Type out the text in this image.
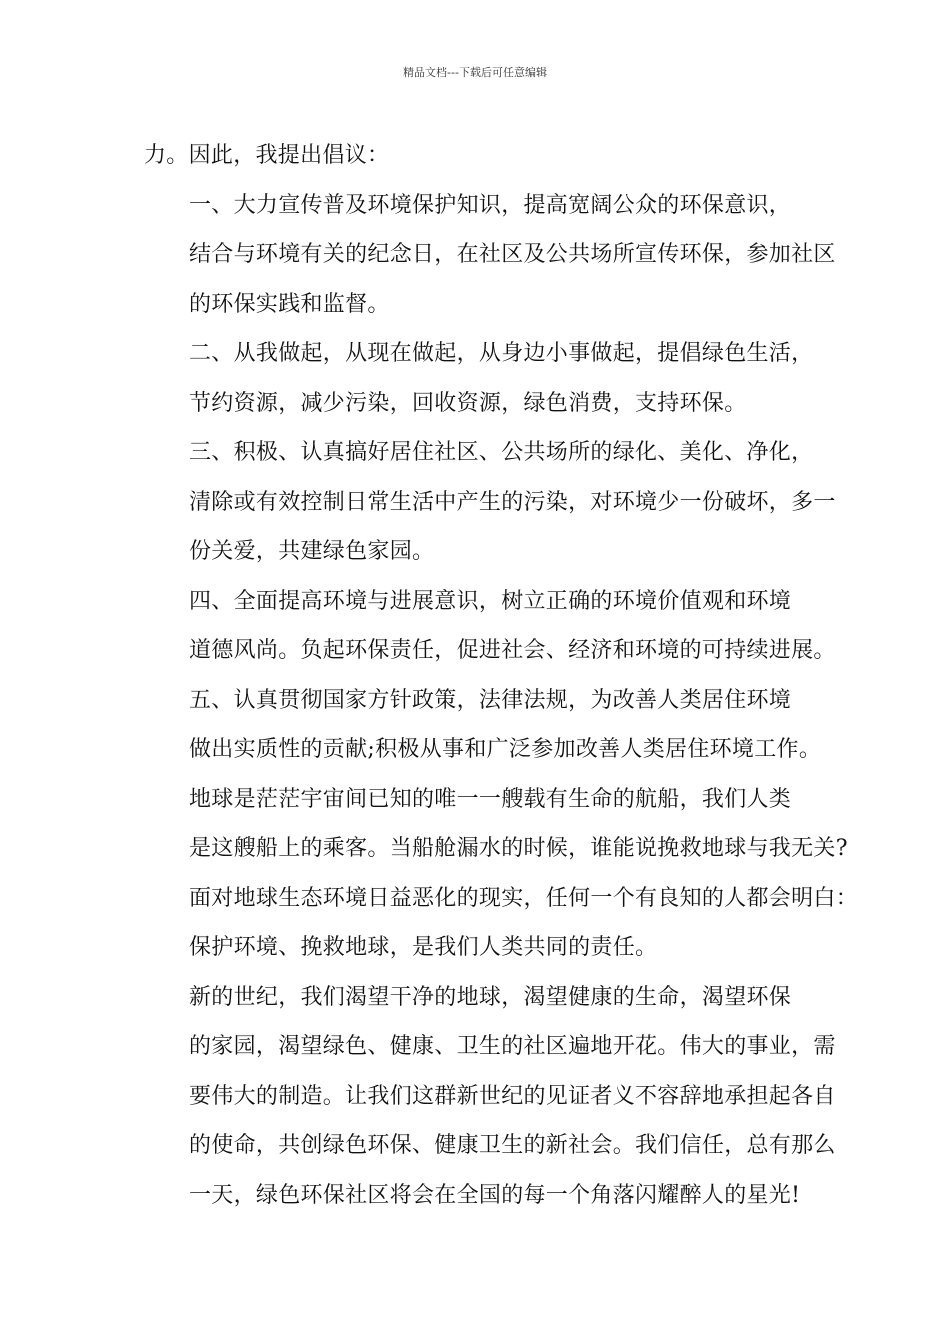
精品文档---下载后可任意编辑

力。因此，我提出倡议：

一、大力宣传普及环境保护知识，提高宽阔公众的环保意识，
结合与环境有关的纪念日，在社区及公共场所宣传环保，参加社区
的环保实践和监督。

二、从我做起，从现在做起，从身边小事做起，提倡绿色生活，
节约资源，减少污染，回收资源，绿色消费，支持环保。

三、积极、认真搞好居住社区、公共场所的绿化、美化、净化，
清除或有效控制日常生活中产生的污染，对环境少一份破坏，多一
份关爱，共建绿色家园。

四、全面提高环境与进展意识，树立正确的环境价值观和环境
道德风尚。负起环保责任，促进社会、经济和环境的可持续进展。

五、认真贯彻国家方针政策，法律法规，为改善人类居住环境
做出实质性的贡献;积极从事和广泛参加改善人类居住环境工作。

地球是茫茫宇宙间已知的唯一一艘载有生命的航船，我们人类
是这艘船上的乘客。当船舱漏水的时候，谁能说挽救地球与我无关?
面对地球生态环境日益恶化的现实，任何一个有良知的人都会明白：
保护环境、挽救地球，是我们人类共同的责任。

新的世纪，我们渴望干净的地球，渴望健康的生命，渴望环保
的家园，渴望绿色、健康、卫生的社区遍地开花。伟大的事业，需
要伟大的制造。让我们这群新世纪的见证者义不容辞地承担起各自
的使命，共创绿色环保、健康卫生的新社会。我们信任，总有那么
一天，绿色环保社区将会在全国的每一个角落闪耀醉人的星光!
